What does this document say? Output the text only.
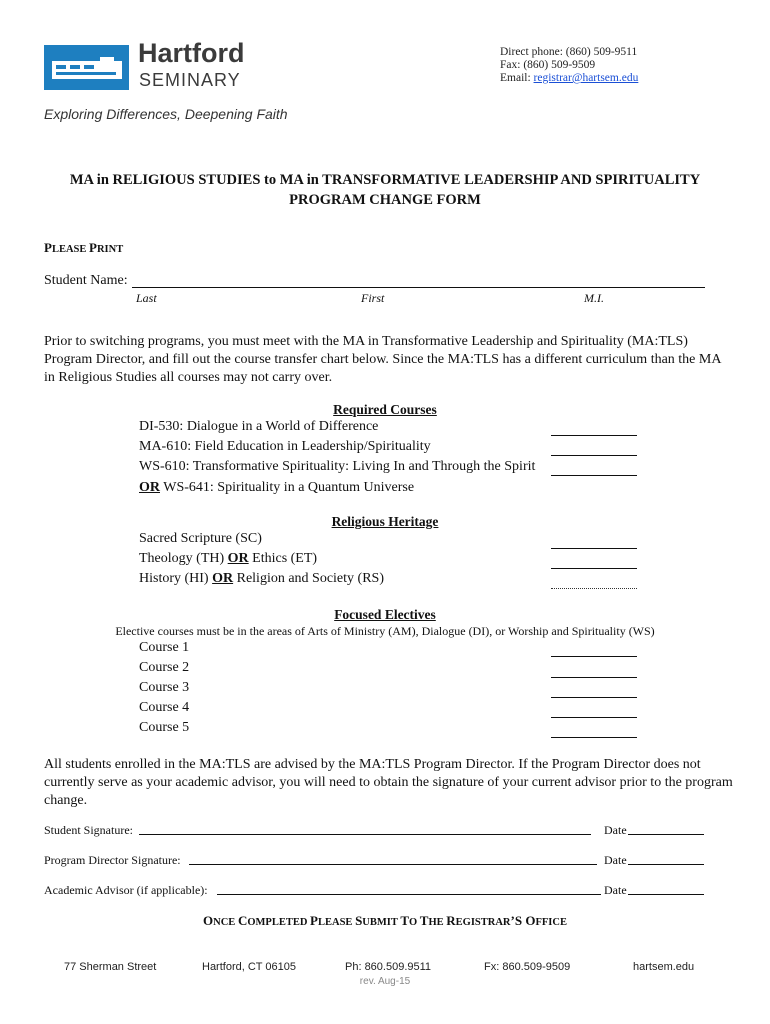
Hartford
SEMINARY
Exploring Differences, Deepening Faith
Direct phone: (860) 509-9511
Fax: (860) 509-9509
Email: registrar@hartsem.edu
MA in RELIGIOUS STUDIES to MA in TRANSFORMATIVE LEADERSHIP AND SPIRITUALITY
PROGRAM CHANGE FORM
PLEASE PRINT
Student Name:
Last	First	M.I.
Prior to switching programs, you must meet with the MA in Transformative Leadership and Spirituality (MA:TLS) Program Director, and fill out the course transfer chart below. Since the MA:TLS has a different curriculum than the MA in Religious Studies all courses may not carry over.
Required Courses
DI-530: Dialogue in a World of Difference
MA-610: Field Education in Leadership/Spirituality
WS-610: Transformative Spirituality: Living In and Through the Spirit
OR WS-641: Spirituality in a Quantum Universe
Religious Heritage
Sacred Scripture (SC)
Theology (TH) OR Ethics (ET)
History (HI) OR Religion and Society (RS)
Focused Electives
Elective courses must be in the areas of Arts of Ministry (AM), Dialogue (DI), or Worship and Spirituality (WS)
Course 1
Course 2
Course 3
Course 4
Course 5
All students enrolled in the MA:TLS are advised by the MA:TLS Program Director. If the Program Director does not currently serve as your academic advisor, you will need to obtain the signature of your current advisor prior to the program change.
Student Signature:	Date
Program Director Signature:	Date
Academic Advisor (if applicable):	Date
ONCE COMPLETED PLEASE SUBMIT TO THE REGISTRAR’S OFFICE
77 Sherman Street	Hartford, CT 06105	Ph: 860.509.9511	Fx: 860.509-9509	hartsem.edu
rev. Aug-15
